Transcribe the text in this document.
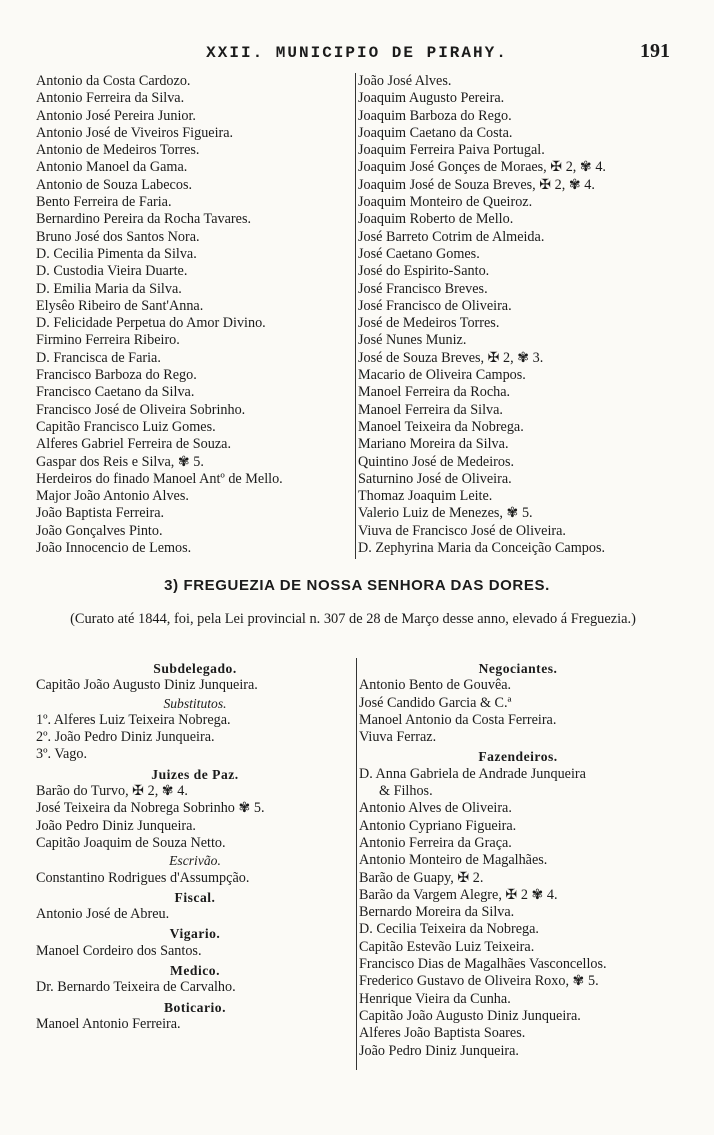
XXII. MUNICIPIO DE PIRAHY.	191
Antonio da Costa Cardozo.
Antonio Ferreira da Silva.
Antonio José Pereira Junior.
Antonio José de Viveiros Figueira.
Antonio de Medeiros Torres.
Antonio Manoel da Gama.
Antonio de Souza Labecos.
Bento Ferreira de Faria.
Bernardino Pereira da Rocha Tavares.
Bruno José dos Santos Nora.
D. Cecilia Pimenta da Silva.
D. Custodia Vieira Duarte.
D. Emilia Maria da Silva.
Elysêo Ribeiro de Sant'Anna.
D. Felicidade Perpetua do Amor Divino.
Firmino Ferreira Ribeiro.
D. Francisca de Faria.
Francisco Barboza do Rego.
Francisco Caetano da Silva.
Francisco José de Oliveira Sobrinho.
Capitão Francisco Luiz Gomes.
Alferes Gabriel Ferreira de Souza.
Gaspar dos Reis e Silva, ✾ 5.
Herdeiros do finado Manoel Antº de Mello.
Major João Antonio Alves.
João Baptista Ferreira.
João Gonçalves Pinto.
João Innocencio de Lemos.
João José Alves.
Joaquim Augusto Pereira.
Joaquim Barboza do Rego.
Joaquim Caetano da Costa.
Joaquim Ferreira Paiva Portugal.
Joaquim José Gonçes de Moraes, ✠ 2, ✾ 4.
Joaquim José de Souza Breves, ✠ 2, ✾ 4.
Joaquim Monteiro de Queiroz.
Joaquim Roberto de Mello.
José Barreto Cotrim de Almeida.
José Caetano Gomes.
José do Espirito-Santo.
José Francisco Breves.
José Francisco de Oliveira.
José de Medeiros Torres.
José Nunes Muniz.
José de Souza Breves, ✠ 2, ✾ 3.
Macario de Oliveira Campos.
Manoel Ferreira da Rocha.
Manoel Ferreira da Silva.
Manoel Teixeira da Nobrega.
Mariano Moreira da Silva.
Quintino José de Medeiros.
Saturnino José de Oliveira.
Thomaz Joaquim Leite.
Valerio Luiz de Menezes, ✾ 5.
Viuva de Francisco José de Oliveira.
D. Zephyrina Maria da Conceição Campos.
3) FREGUEZIA DE NOSSA SENHORA DAS DORES.
(Curato até 1844, foi, pela Lei provincial n. 307 de 28 de Março desse anno, elevado á Freguezia.)
Subdelegado.
Capitão João Augusto Diniz Junqueira.
Substitutos.
1º. Alferes Luiz Teixeira Nobrega.
2º. João Pedro Diniz Junqueira.
3º. Vago.
Juizes de Paz.
Barão do Turvo, ✠ 2, ✾ 4.
José Teixeira da Nobrega Sobrinho ✾ 5.
João Pedro Diniz Junqueira.
Capitão Joaquim de Souza Netto.
Escrivão.
Constantino Rodrigues d'Assumpção.
Fiscal.
Antonio José de Abreu.
Vigario.
Manoel Cordeiro dos Santos.
Medico.
Dr. Bernardo Teixeira de Carvalho.
Boticario.
Manoel Antonio Ferreira.
Negociantes.
Antonio Bento de Gouvêa.
José Candido Garcia & C.ª
Manoel Antonio da Costa Ferreira.
Viuva Ferraz.
Fazendeiros.
D. Anna Gabriela de Andrade Junqueira
& Filhos.
Antonio Alves de Oliveira.
Antonio Cypriano Figueira.
Antonio Ferreira da Graça.
Antonio Monteiro de Magalhães.
Barão de Guapy, ✠ 2.
Barão da Vargem Alegre, ✠ 2 ✾ 4.
Bernardo Moreira da Silva.
D. Cecilia Teixeira da Nobrega.
Capitão Estevão Luiz Teixeira.
Francisco Dias de Magalhães Vasconcellos.
Frederico Gustavo de Oliveira Roxo, ✾ 5.
Henrique Vieira da Cunha.
Capitão João Augusto Diniz Junqueira.
Alferes João Baptista Soares.
João Pedro Diniz Junqueira.
